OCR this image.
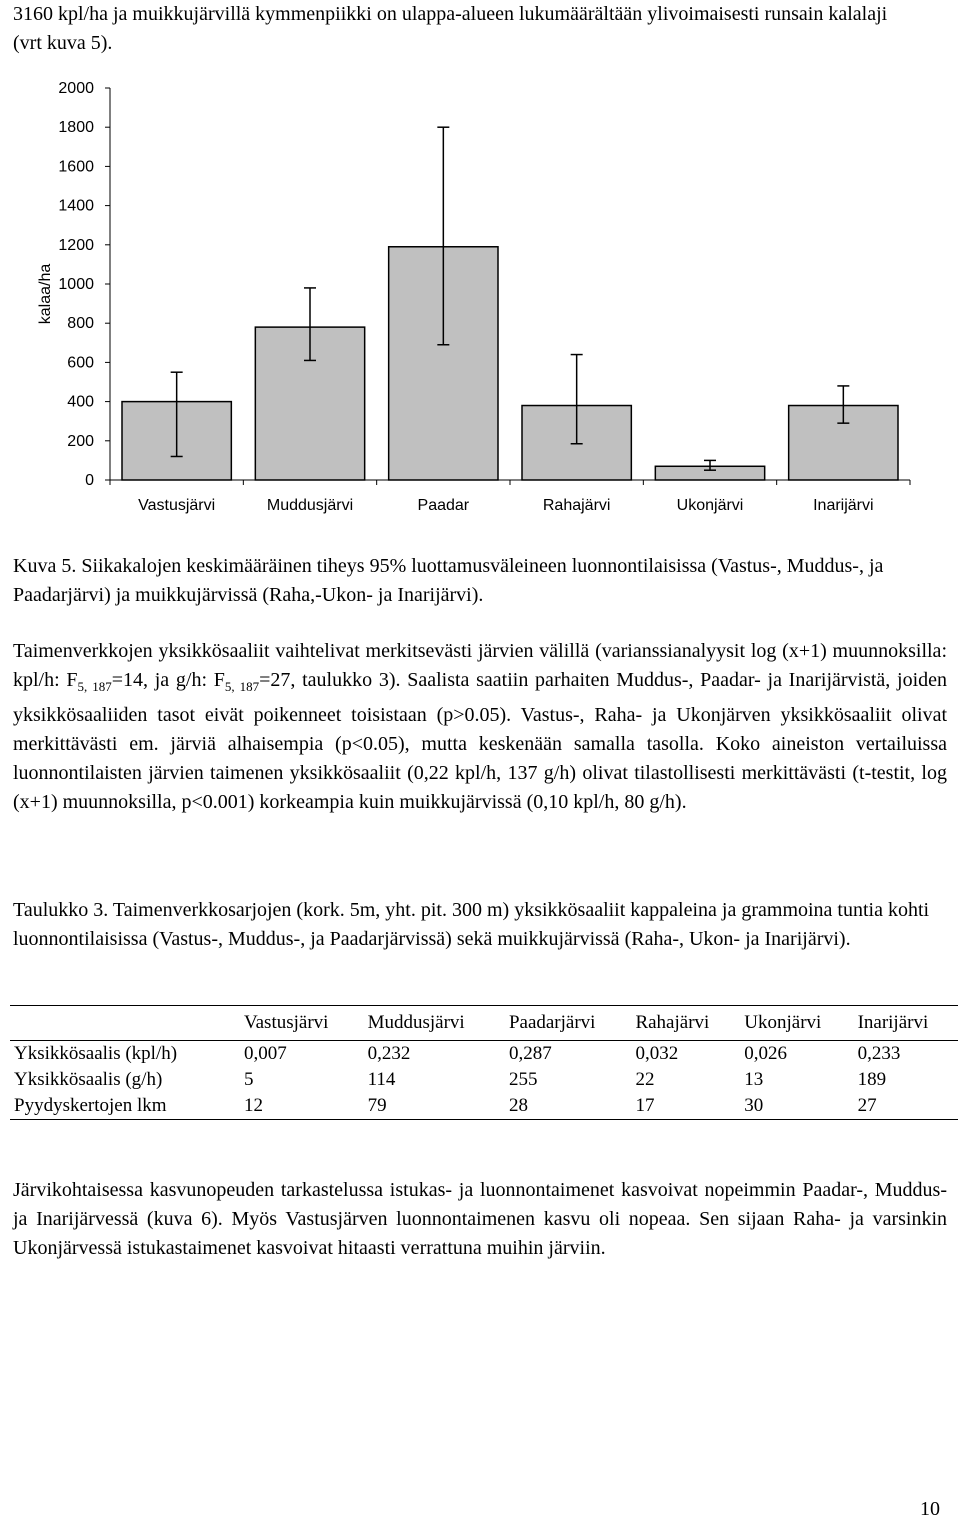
3160 kpl/ha ja muikkujärvillä kymmenpiikki on ulappa-alueen lukumäärältään ylivoimaisesti runsain kalalaji (vrt kuva 5).
0
200
400
600
800
1000
1200
1400
1600
1800
2000
Vastusjärvi	Muddusjärvi	Paadar	Rahajärvi	Ukonjärvi	Inarijärvi
kalaa/ha
Kuva 5. Siikakalojen keskimääräinen tiheys 95% luottamusväleineen luonnontilaisissa (Vastus-, Muddus-, ja Paadarjärvi) ja muikkujärvissä (Raha,-Ukon- ja Inarijärvi).
Taimenverkkojen yksikkösaaliit vaihtelivat merkitsevästi järvien välillä (varianssianalyysit log (x+1) muunnoksilla: kpl/h: $F_{5, 187}=14$, ja g/h: $F_{5, 187}=27$, taulukko 3). Saalista saatiin parhaiten Muddus-, Paadar- ja Inarijärvistä, joiden yksikkösaaliiden tasot eivät poikenneet toisistaan (p>0.05). Vastus-, Raha- ja Ukonjärven yksikkösaaliit olivat merkittävästi em. järviä alhaisempia (p<0.05), mutta keskenään samalla tasolla. Koko aineiston vertailuissa luonnontilaisten järvien taimenen yksikkösaaliit (0,22 kpl/h, 137 g/h) olivat tilastollisesti merkittävästi (t-testit, log (x+1) muunnoksilla, p<0.001) korkeampia kuin muikkujärvissä (0,10 kpl/h, 80 g/h).
Taulukko 3. Taimenverkkosarjojen (kork. 5m, yht. pit. 300 m) yksikkösaaliit kappaleina ja grammoina tuntia kohti luonnontilaisissa (Vastus-, Muddus-, ja Paadarjärvissä) sekä muikkujärvissä (Raha-, Ukon- ja Inarijärvi).
	Vastusjärvi	Muddusjärvi	Paadarjärvi	Rahajärvi	Ukonjärvi	Inarijärvi
Yksikkösaalis (kpl/h)	0,007	0,232	0,287	0,032	0,026	0,233
Yksikkösaalis (g/h)	5	114	255	22	13	189
Pyydyskertojen lkm	12	79	28	17	30	27
Järvikohtaisessa kasvunopeuden tarkastelussa istukas- ja luonnontaimenet kasvoivat nopeimmin Paadar-, Muddus- ja Inarijärvessä (kuva 6). Myös Vastusjärven luonnontaimenen kasvu oli nopeaa. Sen sijaan Raha- ja varsinkin Ukonjärvessä istukastaimenet kasvoivat hitaasti verrattuna muihin järviin.
10
